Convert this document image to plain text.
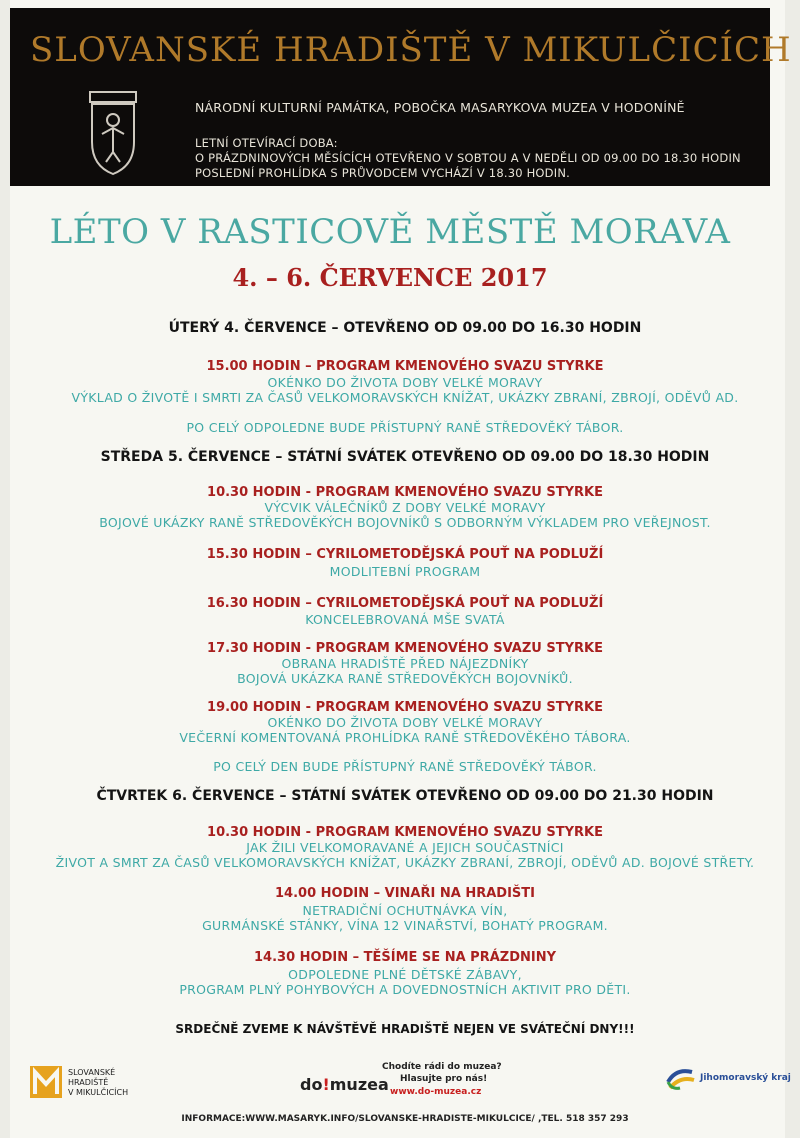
SLOVANSKÉ HRADIŠTĚ V MIKULČICÍCH
NÁRODNÍ KULTURNÍ PAMÁTKA, POBOČKA MASARYKOVA MUZEA V HODONÍNĚ
LETNÍ OTEVÍRACÍ DOBA:
O PRÁZDNINOVÝCH MĚSÍCÍCH OTEVŘENO V SOBTOU A V NEDĚLI OD 09.00 DO 18.30 HODIN
POSLEDNÍ PROHLÍDKA S PRŮVODCEM VYCHÁZÍ V 18.30 HODIN.
LÉTO V RASTICOVĚ MĚSTĚ MORAVA
4. – 6. ČERVENCE 2017
ÚTERÝ 4. ČERVENCE – OTEVŘENO OD 09.00 DO 16.30 HODIN
15.00 HODIN – PROGRAM KMENOVÉHO SVAZU STYRKE
OKÉNKO DO ŽIVOTA DOBY VELKÉ MORAVY
VÝKLAD O ŽIVOTĚ I SMRTI ZA ČASŮ VELKOMORAVSKÝCH KNÍŽAT, UKÁZKY ZBRANÍ, ZBROJÍ, ODĚVŮ AD.
PO CELÝ ODPOLEDNE BUDE PŘÍSTUPNÝ RANĚ STŘEDOVĚKÝ TÁBOR.
STŘEDA 5. ČERVENCE – STÁTNÍ SVÁTEK OTEVŘENO OD 09.00 DO 18.30 HODIN
10.30 HODIN - PROGRAM KMENOVÉHO SVAZU STYRKE
VÝCVIK VÁLEČNÍKŮ Z DOBY VELKÉ MORAVY
BOJOVÉ UKÁZKY RANĚ STŘEDOVĚKÝCH BOJOVNÍKŮ S ODBORNÝM VÝKLADEM PRO VEŘEJNOST.
15.30 HODIN – CYRILOMETODĚJSKÁ POUŤ NA PODLUŽÍ
MODLITEBNÍ PROGRAM
16.30 HODIN – CYRILOMETODĚJSKÁ POUŤ NA PODLUŽÍ
KONCELEBROVANÁ MŠE SVATÁ
17.30 HODIN - PROGRAM KMENOVÉHO SVAZU STYRKE
OBRANA HRADIŠTĚ PŘED NÁJEZDNÍKY
BOJOVÁ UKÁZKA RANĚ STŘEDOVĚKÝCH BOJOVNÍKŮ.
19.00 HODIN - PROGRAM KMENOVÉHO SVAZU STYRKE
OKÉNKO DO ŽIVOTA DOBY VELKÉ MORAVY
VEČERNÍ KOMENTOVANÁ PROHLÍDKA RANĚ STŘEDOVĚKÉHO TÁBORA.
PO CELÝ DEN BUDE PŘÍSTUPNÝ RANĚ STŘEDOVĚKÝ TÁBOR.
ČTVRTEK 6. ČERVENCE – STÁTNÍ SVÁTEK OTEVŘENO OD 09.00 DO 21.30 HODIN
10.30 HODIN - PROGRAM KMENOVÉHO SVAZU STYRKE
JAK ŽILI VELKOMORAVANÉ A JEJICH SOUČASTNÍCI
ŽIVOT A SMRT ZA ČASŮ VELKOMORAVSKÝCH KNÍŽAT, UKÁZKY ZBRANÍ, ZBROJÍ, ODĚVŮ AD. BOJOVÉ STŘETY.
14.00 HODIN – VINAŘI NA HRADIŠTI
NETRADIČNÍ OCHUTNÁVKA VÍN,
GURMÁNSKÉ STÁNKY, VÍNA 12 VINAŘSTVÍ, BOHATÝ PROGRAM.
14.30 HODIN – TĚŠÍME SE NA PRÁZDNINY
ODPOLEDNE PLNÉ DĚTSKÉ ZÁBAVY,
PROGRAM PLNÝ POHYBOVÝCH A DOVEDNOSTNÍCH AKTIVIT PRO DĚTI.
SRDEČNĚ ZVEME K NÁVŠTĚVĚ HRADIŠTĚ NEJEN VE SVÁTEČNÍ DNY!!!
SLOVANSKÉ
HRADIŠTĚ
V MIKULČICÍCH	do!muzea
Chodíte rádi do muzea?
Hlasujte pro nás!
www.do-muzea.cz
Jihomoravský kraj
INFORMACE:WWW.MASARYK.INFO/SLOVANSKE-HRADISTE-MIKULCICE/ ,TEL. 518 357 293
